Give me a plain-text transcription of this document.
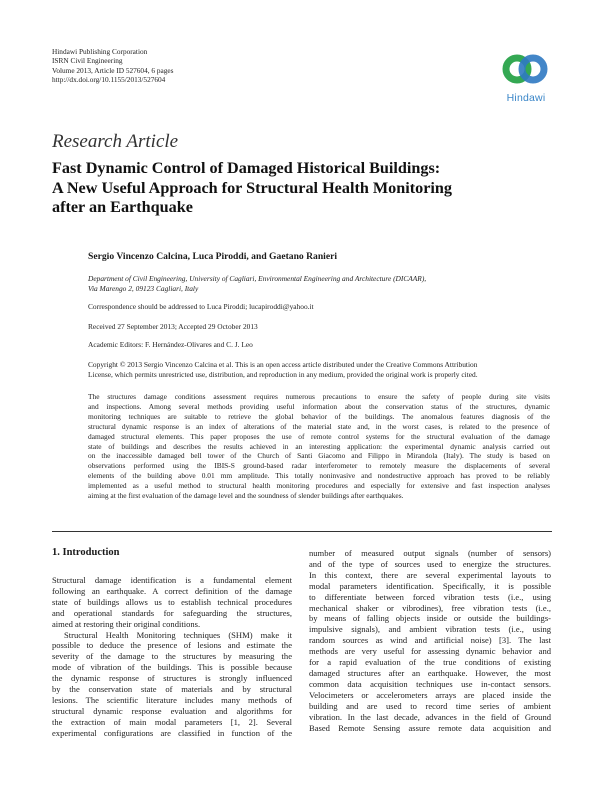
Hindawi Publishing Corporation
ISRN Civil Engineering
Volume 2013, Article ID 527604, 6 pages
http://dx.doi.org/10.1155/2013/527604
Hindawi
Research Article
Fast Dynamic Control of Damaged Historical Buildings:
A New Useful Approach for Structural Health Monitoring
after an Earthquake
Sergio Vincenzo Calcina, Luca Piroddi, and Gaetano Ranieri
Department of Civil Engineering, University of Cagliari, Environmental Engineering and Architecture (DICAAR),
Via Marengo 2, 09123 Cagliari, Italy
Correspondence should be addressed to Luca Piroddi; lucapiroddi@yahoo.it
Received 27 September 2013; Accepted 29 October 2013
Academic Editors: F. Hernández-Olivares and C. J. Leo
Copyright © 2013 Sergio Vincenzo Calcina et al. This is an open access article distributed under the Creative Commons Attribution
License, which permits unrestricted use, distribution, and reproduction in any medium, provided the original work is properly cited.
The structures damage conditions assessment requires numerous precautions to ensure the safety of people during site visits
and inspections. Among several methods providing useful information about the conservation status of the structures, dynamic
monitoring techniques are suitable to retrieve the global behavior of the buildings. The anomalous features diagnosis of the
structural dynamic response is an index of alterations of the material state and, in the worst cases, is related to the presence of
damaged structural elements. This paper proposes the use of remote control systems for the structural evaluation of the damage
state of buildings and describes the results achieved in an interesting application: the experimental dynamic analysis carried out
on the inaccessible damaged bell tower of the Church of Santi Giacomo and Filippo in Mirandola (Italy). The study is based on
observations performed using the IBIS-S ground-based radar interferometer to remotely measure the displacements of several
elements of the building above 0.01 mm amplitude. This totally noninvasive and nondestructive approach has proved to be reliably
implemented as a useful method to structural health monitoring procedures and especially for extensive and fast inspection analyses
aiming at the first evaluation of the damage level and the soundness of slender buildings after earthquakes.
1. Introduction
Structural damage identification is a fundamental element
following an earthquake. A correct definition of the damage
state of buildings allows us to establish technical procedures
and operational standards for safeguarding the structures,
aimed at restoring their original conditions.
Structural Health Monitoring techniques (SHM) make it
possible to deduce the presence of lesions and estimate the
severity of the damage to the structures by measuring the
mode of vibration of the buildings. This is possible because
the dynamic response of structures is strongly influenced
by the conservation state of materials and by structural
lesions. The scientific literature includes many methods of
structural dynamic response evaluation and algorithms for
the extraction of main modal parameters [1, 2]. Several
experimental configurations are classified in function of the
number of measured output signals (number of sensors)
and of the type of sources used to energize the structures.
In this context, there are several experimental layouts to
modal parameters identification. Specifically, it is possible
to differentiate between forced vibration tests (i.e., using
mechanical shaker or vibrodines), free vibration tests (i.e.,
by means of falling objects inside or outside the buildings-
impulsive signals), and ambient vibration tests (i.e., using
random sources as wind and artificial noise) [3]. The last
methods are very useful for assessing dynamic behavior and
for a rapid evaluation of the true conditions of existing
damaged structures after an earthquake. However, the most
common data acquisition techniques use in-contact sensors.
Velocimeters or accelerometers arrays are placed inside the
building and are used to record time series of ambient
vibration. In the last decade, advances in the field of Ground
Based Remote Sensing assure remote data acquisition and
